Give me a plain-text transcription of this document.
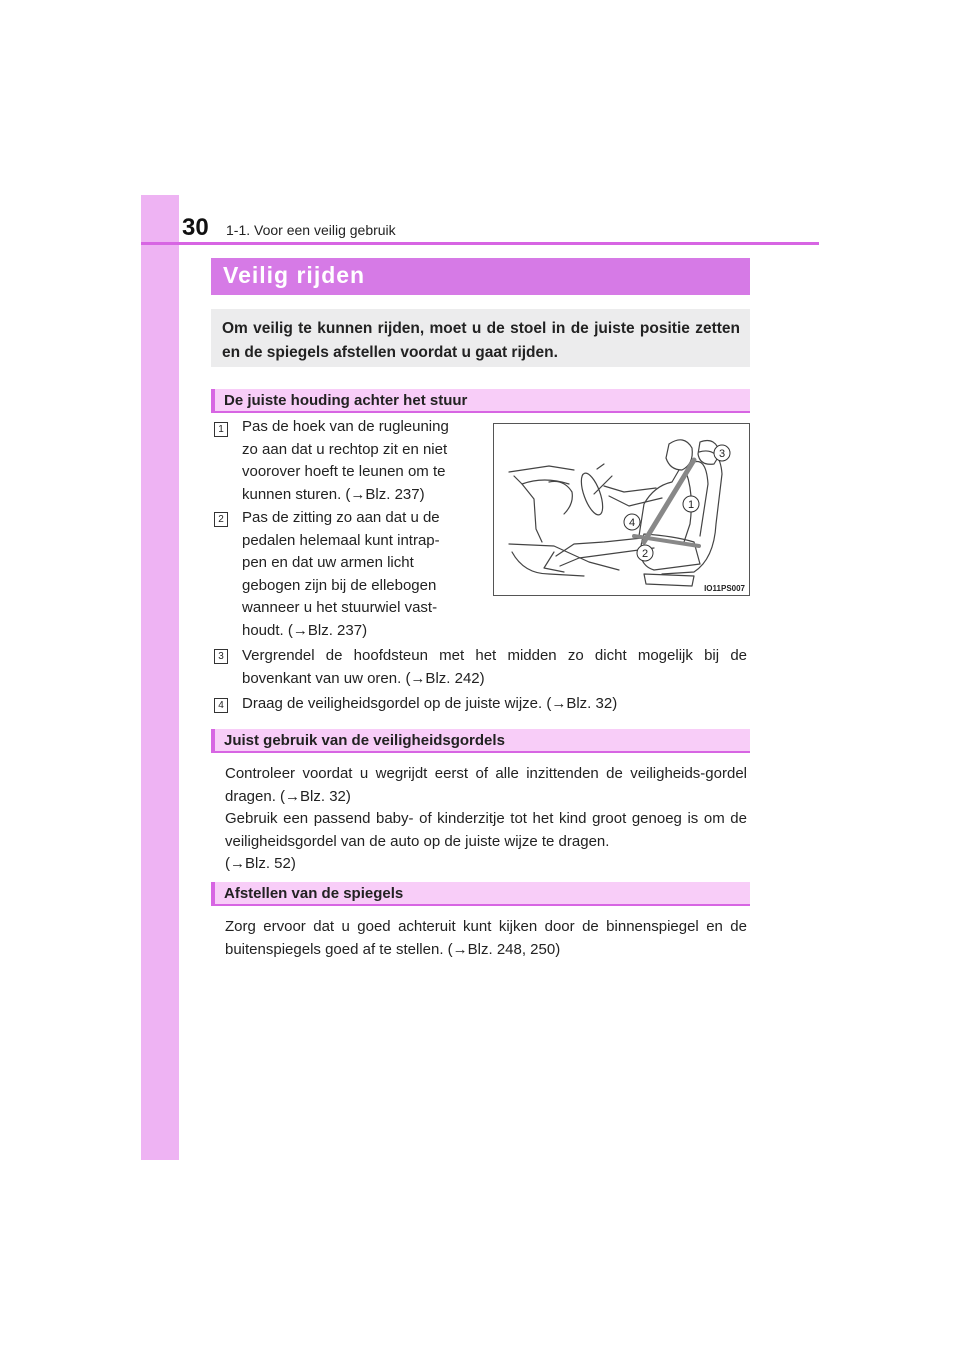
30 1-1. Voor een veilig gebruik
Veilig rijden

Om veilig te kunnen rijden, moet u de stoel in de juiste positie zetten en de spiegels afstellen voordat u gaat rijden.

De juiste houding achter het stuur
1 Pas de hoek van de rugleuning
zo aan dat u rechtop zit en niet
voorover hoeft te leunen om te
kunnen sturen. (→Blz. 237)
2 Pas de zitting zo aan dat u de
pedalen helemaal kunt intrap-
pen en dat uw armen licht
gebogen zijn bij de ellebogen
wanneer u het stuurwiel vast-
houdt. (→Blz. 237)
3
1
4
2
IO11PS007
3 Vergrendel de hoofdsteun met het midden zo dicht mogelijk bij de bovenkant van uw oren. (→Blz. 242)

4 Draag de veiligheidsgordel op de juiste wijze. (→Blz. 32)

Juist gebruik van de veiligheidsgordels

Controleer voordat u wegrijdt eerst of alle inzittenden de veiligheids-gordel dragen. (→Blz. 32)

Gebruik een passend baby- of kinderzitje tot het kind groot genoeg is om de veiligheidsgordel van de auto op de juiste wijze te dragen.

(→Blz. 52)

Afstellen van de spiegels

Zorg ervoor dat u goed achteruit kunt kijken door de binnenspiegel en de buitenspiegels goed af te stellen. (→Blz. 248, 250)
